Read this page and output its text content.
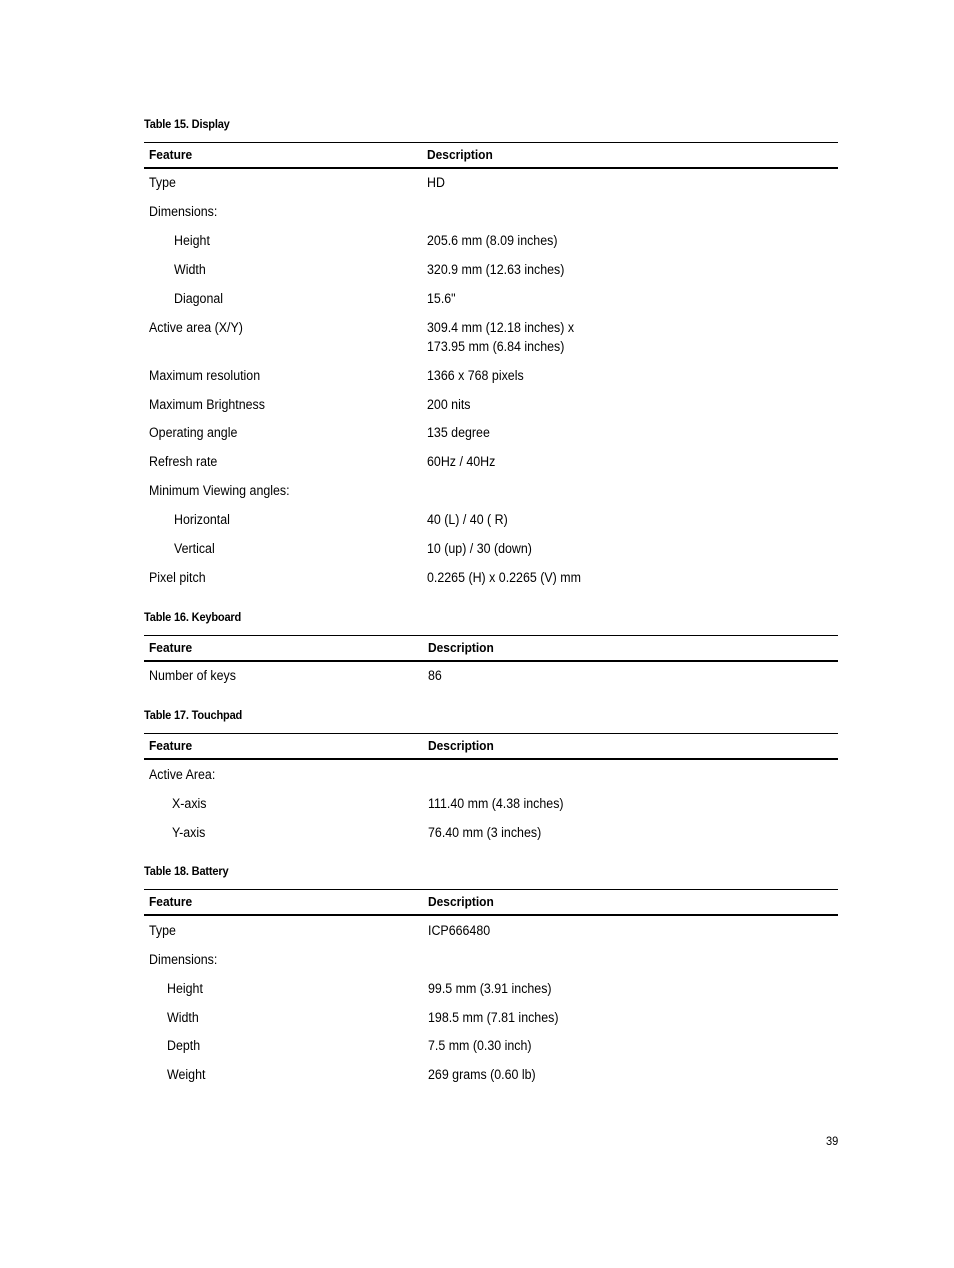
Table 15. Display
Feature	Description
Type	HD
Dimensions:
Height	205.6 mm (8.09 inches)
Width	320.9 mm (12.63 inches)
Diagonal	15.6"
Active area (X/Y)	309.4 mm (12.18 inches) x
173.95 mm (6.84 inches)
Maximum resolution	1366 x 768 pixels
Maximum Brightness	200 nits
Operating angle	135 degree
Refresh rate	60Hz / 40Hz
Minimum Viewing angles:
Horizontal	40 (L) / 40 ( R)
Vertical	10 (up) / 30 (down)
Pixel pitch	0.2265 (H) x 0.2265 (V) mm
Table 16. Keyboard
Feature	Description
Number of keys	86
Table 17. Touchpad
Feature	Description
Active Area:
X-axis	111.40 mm (4.38 inches)
Y-axis	76.40 mm (3 inches)
Table 18. Battery
Feature	Description
Type	ICP666480
Dimensions:
Height	99.5 mm (3.91 inches)
Width	198.5 mm (7.81 inches)
Depth	7.5 mm (0.30 inch)
Weight	269 grams (0.60 lb)
39
